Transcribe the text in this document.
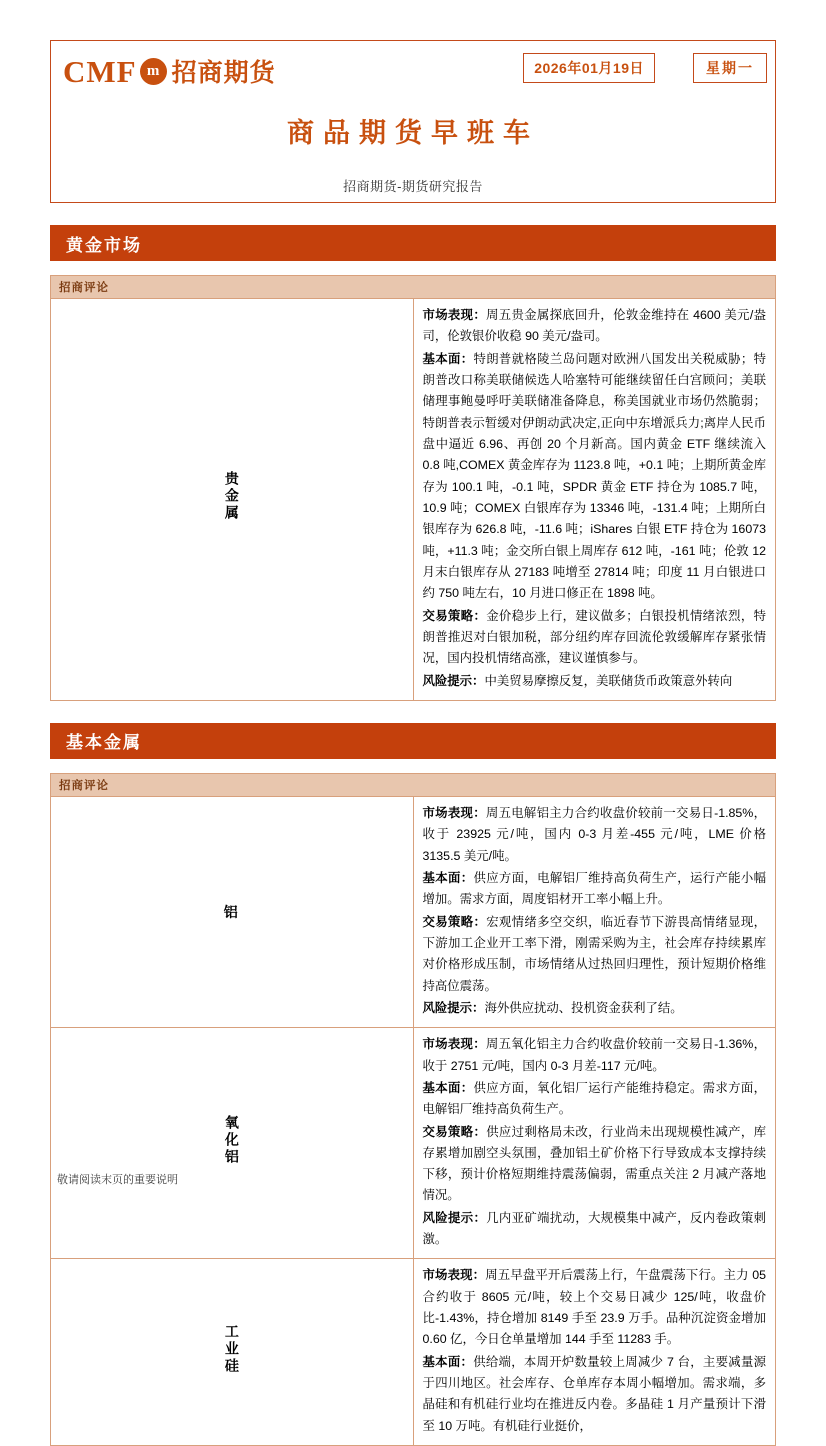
CMF m 招商期货	2026年01月19日	星期一
商品期货早班车
招商期货-期货研究报告
黄金市场
招商评论
贵金属	

市场表现：周五贵金属探底回升，伦敦金维持在 4600 美元/盎司，伦敦银价收稳 90 美元/盎司。

基本面：特朗普就格陵兰岛问题对欧洲八国发出关税威胁；特朗普改口称美联储候选人哈塞特可能继续留任白宫顾问；美联储理事鲍曼呼吁美联储准备降息，称美国就业市场仍然脆弱；特朗普表示暂缓对伊朗动武决定,正向中东增派兵力;离岸人民币盘中逼近 6.96、再创 20 个月新高。国内黄金 ETF 继续流入 0.8 吨,COMEX 黄金库存为 1123.8 吨，+0.1 吨；上期所黄金库存为 100.1 吨，-0.1 吨，SPDR 黄金 ETF 持仓为 1085.7 吨，10.9 吨；COMEX 白银库存为 13346 吨，-131.4 吨；上期所白银库存为 626.8 吨，-11.6 吨；iShares 白银 ETF 持仓为 16073 吨，+11.3 吨；金交所白银上周库存 612 吨，-161 吨；伦敦 12 月末白银库存从 27183 吨增至 27814 吨；印度 11 月白银进口约 750 吨左右，10 月进口修正在 1898 吨。

交易策略：金价稳步上行，建议做多；白银投机情绪浓烈，特朗普推迟对白银加税，部分纽约库存回流伦敦缓解库存紧张情况，国内投机情绪高涨，建议谨慎参与。

风险提示：中美贸易摩擦反复，美联储货币政策意外转向

基本金属
招商评论	
铝	市场表现：周五电解铝主力合约收盘价较前一交易日-1.85%，收于 23925 元/吨，国内 0-3 月差-455 元/吨，LME 价格 3135.5 美元/吨。

基本面：供应方面，电解铝厂维持高负荷生产，运行产能小幅增加。需求方面，周度铝材开工率小幅上升。

交易策略：宏观情绪多空交织，临近春节下游畏高情绪显现，下游加工企业开工率下滑，刚需采购为主，社会库存持续累库对价格形成压制，市场情绪从过热回归理性，预计短期价格维持高位震荡。

风险提示：海外供应扰动、投机资金获利了结。

氧化铝	市场表现：周五氧化铝主力合约收盘价较前一交易日-1.36%，收于 2751 元/吨，国内 0-3 月差-117 元/吨。

基本面：供应方面，氧化铝厂运行产能维持稳定。需求方面，电解铝厂维持高负荷生产。

交易策略：供应过剩格局未改，行业尚未出现规模性减产，库存累增加剧空头氛围，叠加铝土矿价格下行导致成本支撑持续下移，预计价格短期维持震荡偏弱，需重点关注 2 月减产落地情况。

风险提示：几内亚矿端扰动，大规模集中减产，反内卷政策刺激。

工业硅	市场表现：周五早盘平开后震荡上行，午盘震荡下行。主力 05 合约收于 8605 元/吨，较上个交易日减少 125/吨，收盘价比-1.43%，持仓增加 8149 手至 23.9 万手。品种沉淀资金增加 0.60 亿，今日仓单量增加 144 手至 11283 手。

基本面：供给端，本周开炉数量较上周减少 7 台，主要减量源于四川地区。社会库存、仓单库存本周小幅增加。需求端，多晶硅和有机硅行业均在推进反内卷。多晶硅 1 月产量预计下滑至 10 万吨。有机硅行业挺价，

敬请阅读末页的重要说明
